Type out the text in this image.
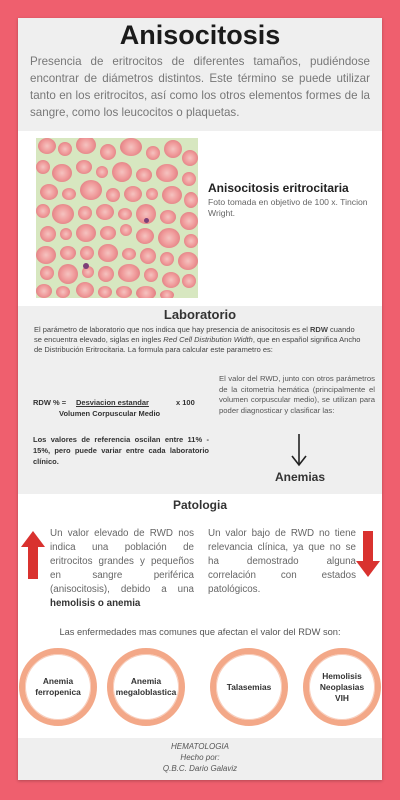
Anisocitosis

Presencia de eritrocitos de diferentes tamaños, pudiéndose encontrar de diámetros distintos. Este término se puede utilizar tanto en los eritrocitos, así como los otros elementos formes de la sangre, como los leucocitos o plaquetas.

Anisocitosis eritrocitaria
Foto tomada en objetivo de 100 x. Tincion Wright.
Laboratorio

El parámetro de laboratorio que nos indica que hay presencia de anisocitosis es el RDW cuando se encuentra elevado, siglas en ingles Red Cell Distribution Width, que en español significa Ancho de Distribución Eritrocitaria. La formula para calcular este parametro es:

RDW % = Desviacion estandar	x 100
Volumen Corpuscular Medio

Los valores de referencia oscilan entre 11% - 15%, pero puede variar entre cada laboratorio clínico.

El valor del RWD, junto con otros parámetros de la citometria hemática (principalmente el volumen corpuscular medio), se utilizan para poder diagnosticar y clasificar las:

Anemias
Patologia

Un valor elevado de RWD nos indica una población de eritrocitos grandes y pequeños en sangre periférica (anisocitosis), debido a una hemolisis o anemia

Un valor bajo de RWD no tiene relevancia clínica, ya que no se ha demostrado alguna correlación con estados patológicos.

Las enfermedades mas comunes que afectan el valor del RDW son:

Anemia
ferropenica
Anemia
megaloblastica
Talasemias
Hemolisis
Neoplasias
VIH
HEMATOLOGIA
Hecho por:
Q.B.C. Dario Galaviz
